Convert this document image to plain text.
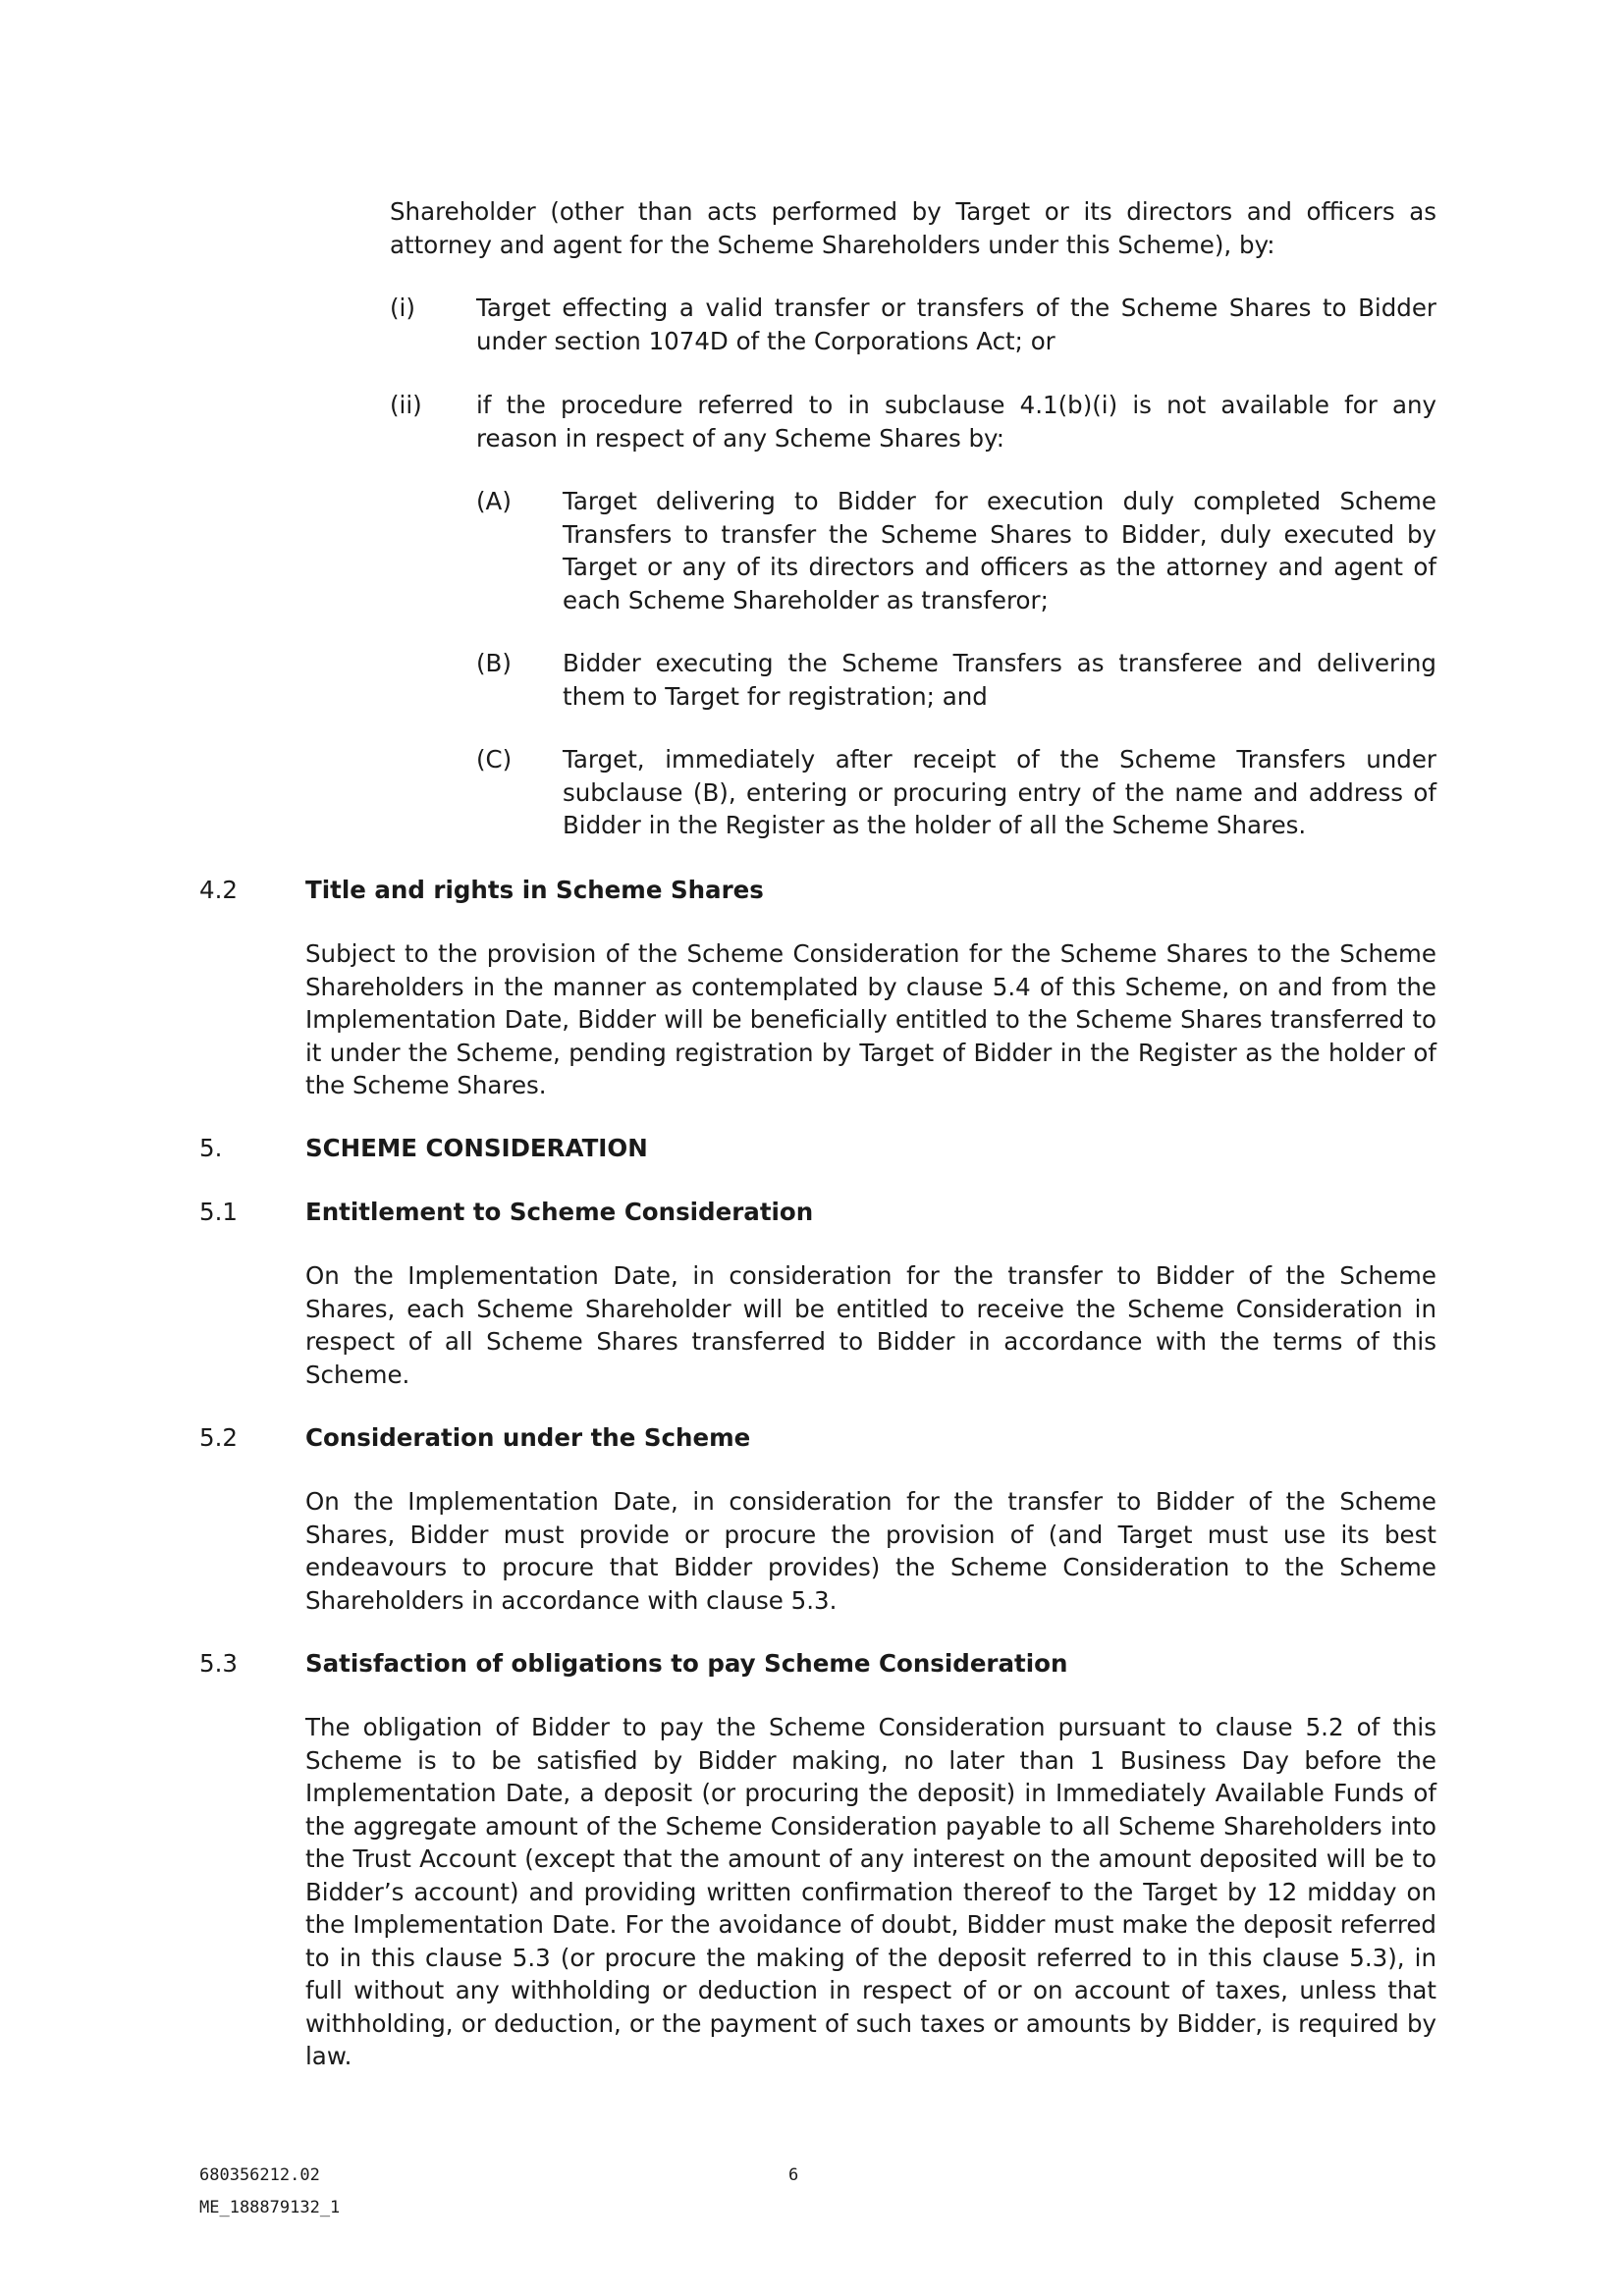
Shareholder (other than acts performed by Target or its directors and officers as attorney and agent for the Scheme Shareholders under this Scheme), by:

(i)	Target effecting a valid transfer or transfers of the Scheme Shares to Bidder under section 1074D of the Corporations Act; or

(ii) if the procedure referred to in subclause 4.1(b)(i) is not available for any reason in respect of any Scheme Shares by:

(A) Target delivering to Bidder for execution duly completed Scheme Transfers to transfer the Scheme Shares to Bidder, duly executed by Target or any of its directors and officers as the attorney and agent of each Scheme Shareholder as transferor;

(B) Bidder executing the Scheme Transfers as transferee and delivering them to Target for registration; and

(C) Target, immediately after receipt of the Scheme Transfers under subclause (B), entering or procuring entry of the name and address of Bidder in the Register as the holder of all the Scheme Shares.

4.2	Title and rights in Scheme Shares

Subject to the provision of the Scheme Consideration for the Scheme Shares to the Scheme Shareholders in the manner as contemplated by clause 5.4 of this Scheme, on and from the Implementation Date, Bidder will be beneficially entitled to the Scheme Shares transferred to it under the Scheme, pending registration by Target of Bidder in the Register as the holder of the Scheme Shares.

5.	SCHEME CONSIDERATION
5.1	Entitlement to Scheme Consideration

On the Implementation Date, in consideration for the transfer to Bidder of the Scheme Shares, each Scheme Shareholder will be entitled to receive the Scheme Consideration in respect of all Scheme Shares transferred to Bidder in accordance with the terms of this Scheme.

5.2	Consideration under the Scheme

On the Implementation Date, in consideration for the transfer to Bidder of the Scheme Shares, Bidder must provide or procure the provision of (and Target must use its best endeavours to procure that Bidder provides) the Scheme Consideration to the Scheme Shareholders in accordance with clause 5.3.

5.3	Satisfaction of obligations to pay Scheme Consideration

The obligation of Bidder to pay the Scheme Consideration pursuant to clause 5.2 of this Scheme is to be satisfied by Bidder making, no later than 1 Business Day before the Implementation Date, a deposit (or procuring the deposit) in Immediately Available Funds of the aggregate amount of the Scheme Consideration payable to all Scheme Shareholders into the Trust Account (except that the amount of any interest on the amount deposited will be to Bidder’s account) and providing written confirmation thereof to the Target by 12 midday on the Implementation Date. For the avoidance of doubt, Bidder must make the deposit referred to in this clause 5.3 (or procure the making of the deposit referred to in this clause 5.3), in full without any withholding or deduction in respect of or on account of taxes, unless that withholding, or deduction, or the payment of such taxes or amounts by Bidder, is required by law.

680356212.02
ME_188879132_1
6
